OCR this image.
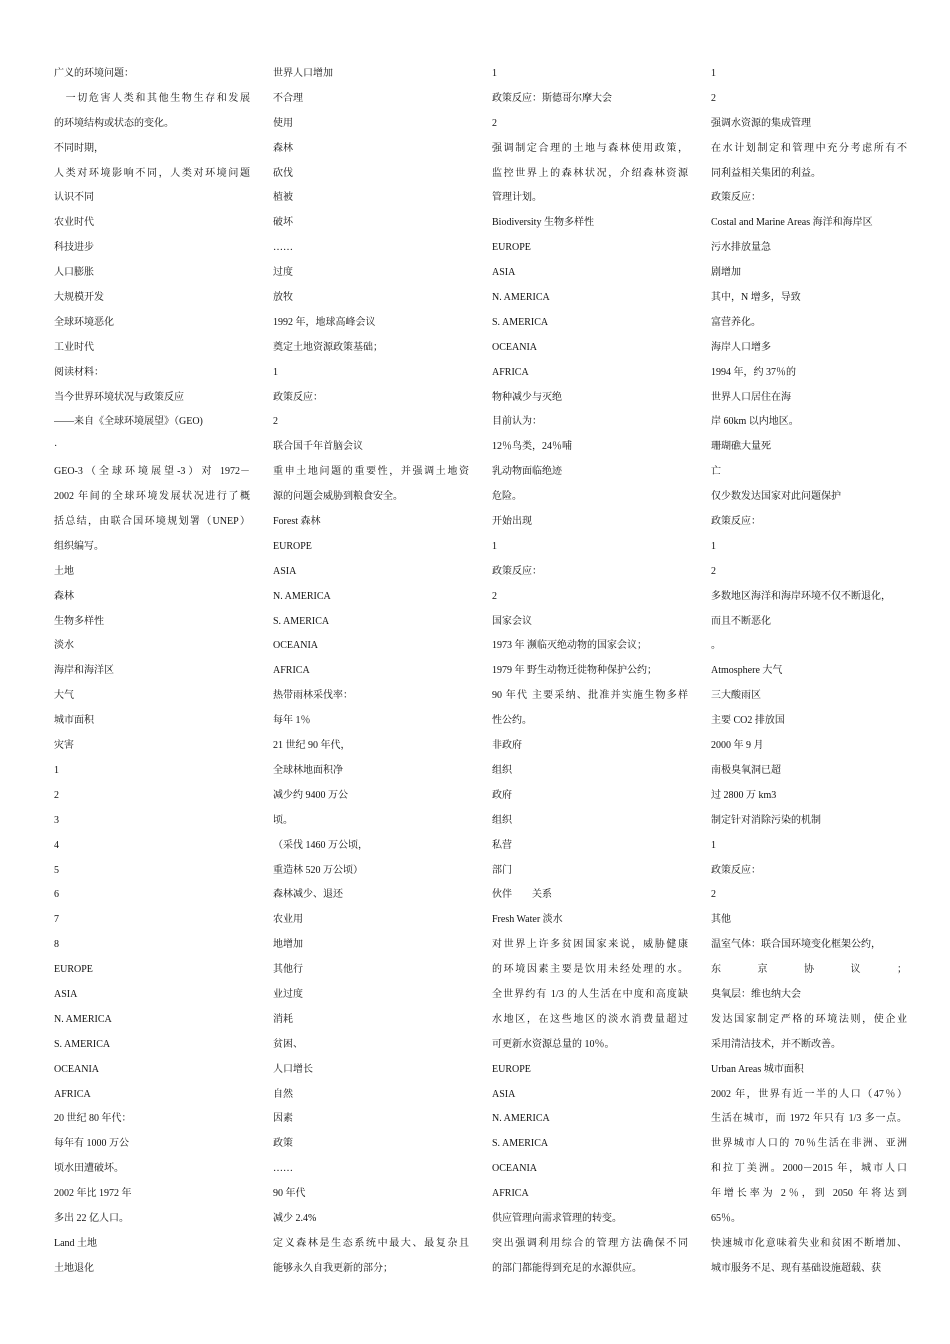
广义的环境问题：
　一切危害人类和其他生物生存和发展
的环境结构或状态的变化。
不同时期，
人类对环境影响不同，人类对环境问题
认识不同
农业时代
科技进步
人口膨胀
大规模开发
全球环境恶化
工业时代
阅读材料：
当今世界环境状况与政策反应
——来自《全球环境展望》（GEO)
·
GEO-3（全球环境展望-3）对 1972－
2002 年间的全球环境发展状况进行了概
括总结，由联合国环境规划署（UNEP）
组织编写。
土地
森林
生物多样性
淡水
海岸和海洋区
大气
城市面积
灾害
1
2
3
4
5
6
7
8
EUROPE
ASIA
N. AMERICA
S. AMERICA
OCEANIA
AFRICA
20 世纪 80 年代：
每年有 1000 万公
顷水田遭破坏。
2002 年比 1972 年
多出 22 亿人口。
Land 土地
土地退化
世界人口增加
不合理
使用
森林
砍伐
植被
破坏
……
过度
放牧
1992 年，地球高峰会议
奠定土地资源政策基础；
1
政策反应：
2
联合国千年首脑会议
重申土地问题的重要性，并强调土地资
源的问题会威胁到粮食安全。
Forest 森林
EUROPE
ASIA
N. AMERICA
S. AMERICA
OCEANIA
AFRICA
热带雨林采伐率：
每年 1％
21 世纪 90 年代，
全球林地面积净
减少约 9400 万公
顷。
（采伐 1460 万公顷，
重造林 520 万公顷）
森林减少、退还
农业用
地增加
其他行
业过度
消耗
贫困、
人口增长
自然
因素
政策
……
90 年代
减少 2.4%
定义森林是生态系统中最大、最复杂且
能够永久自我更新的部分；
1
政策反应：斯德哥尔摩大会
2
强调制定合理的土地与森林使用政策，
监控世界上的森林状况，介绍森林资源
管理计划。
Biodiversity 生物多样性
EUROPE
ASIA
N. AMERICA
S. AMERICA
OCEANIA
AFRICA
物种减少与灭绝
目前认为：
12％鸟类，24％哺
乳动物面临绝迹
危险。
开始出现
1
政策反应：
2
国家会议
1973 年 濒临灭绝动物的国家会议；
1979 年 野生动物迁徙物种保护公约；
90 年代 主要采纳、批准并实施生物多样
性公约。
非政府
组织
政府
组织
私营
部门
伙伴　　关系
Fresh Water 淡水
对世界上许多贫困国家来说，威胁健康
的环境因素主要是饮用未经处理的水。
全世界约有 1/3 的人生活在中度和高度缺
水地区，在这些地区的淡水消费量超过
可更新水资源总量的 10％。
EUROPE
ASIA
N. AMERICA
S. AMERICA
OCEANIA
AFRICA
供应管理向需求管理的转变。
突出强调利用综合的管理方法确保不同
的部门都能得到充足的水源供应。
1
2
强调水资源的集成管理
在水计划制定和管理中充分考虑所有不
同利益相关集团的利益。
政策反应：
Costal and Marine Areas 海洋和海岸区
污水排放量急
剧增加
其中，N 增多，导致
富营养化。
海岸人口增多
1994 年，约 37％的
世界人口居住在海
岸 60km 以内地区。
珊瑚礁大量死
亡
仅少数发达国家对此问题保护
政策反应：
1
2
多数地区海洋和海岸环境不仅不断退化，
而且不断恶化
。
Atmosphere 大气
三大酸雨区
主要 CO2 排放国
2000 年 9 月
南极臭氧洞已超
过 2800 万 km3
制定针对消除污染的机制
1
政策反应：
2
其他
温室气体：联合国环境变化框架公约，
东京协议；
臭氧层：维也纳大会
发达国家制定严格的环境法则，使企业
采用清洁技术，并不断改善。
Urban Areas 城市面积
2002 年，世界有近一半的人口（47％）
生活在城市，而 1972 年只有 1/3 多一点。
世界城市人口的 70％生活在非洲、亚洲
和拉丁美洲。2000－2015 年，城市人口
年增长率为 2％，到 2050 年将达到
65％。
快速城市化意味着失业和贫困不断增加、
城市服务不足、现有基础设施超载、获
